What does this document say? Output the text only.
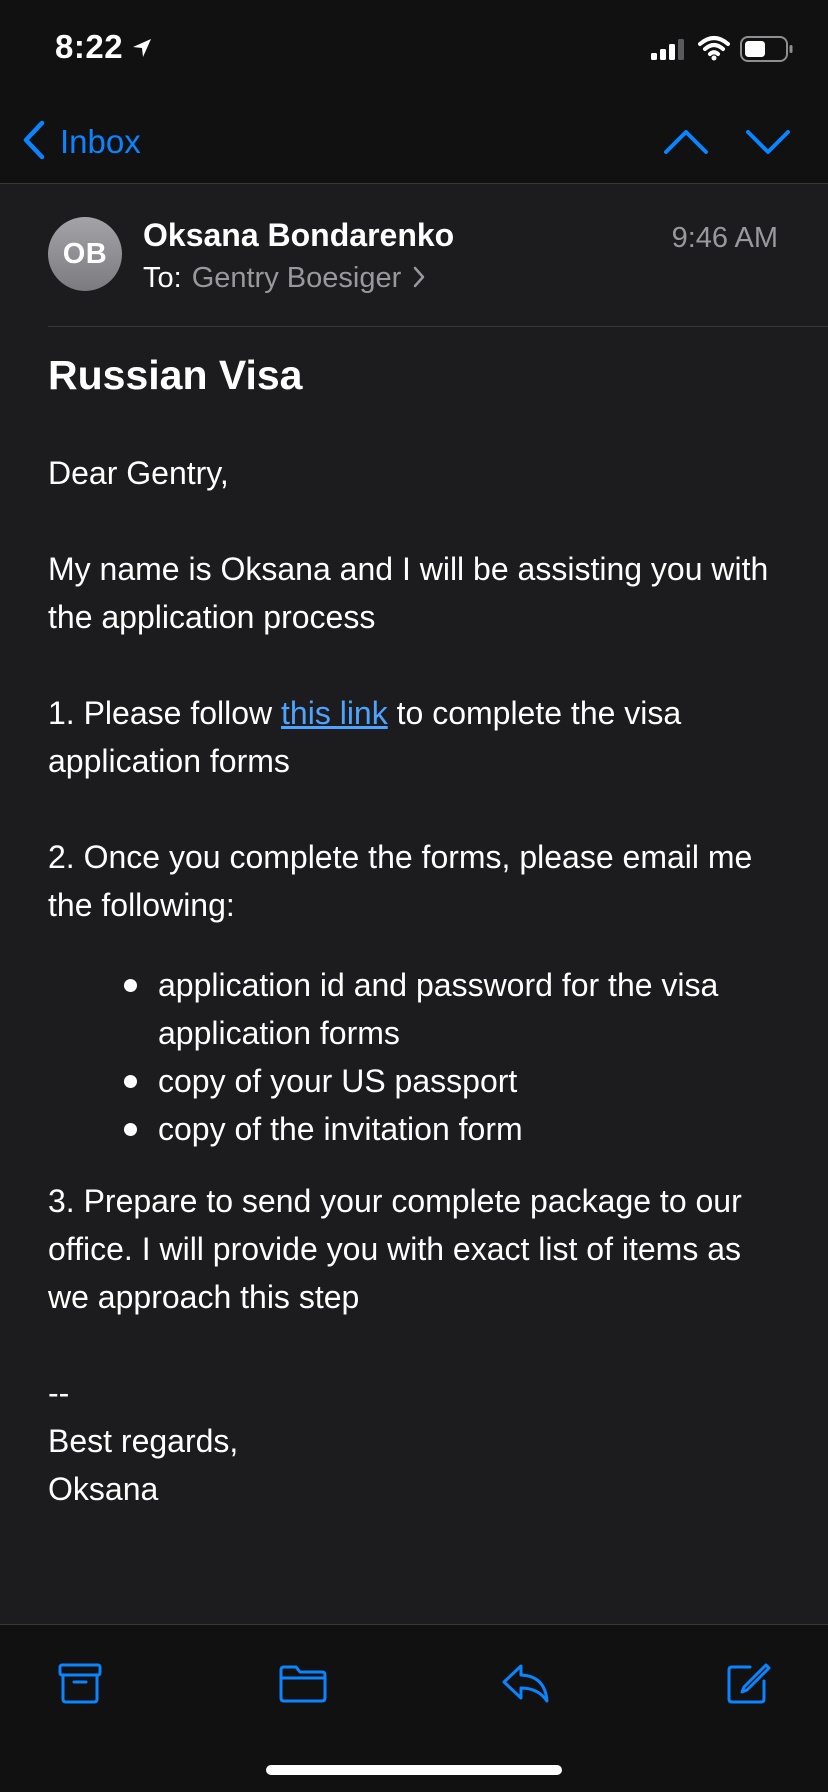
8:22
Inbox
OB
Oksana Bondarenko
To: Gentry Boesiger
9:46 AM
Russian Visa

Dear Gentry,

My name is Oksana and I will be assisting you with the application process

1. Please follow this link to complete the visa application forms

2. Once you complete the forms, please email me the following:

application id and password for the visa application forms
copy of your US passport
copy of the invitation form

3. Prepare to send your complete package to our office. I will provide you with exact list of items as we approach this step

--
Best regards,
Oksana
